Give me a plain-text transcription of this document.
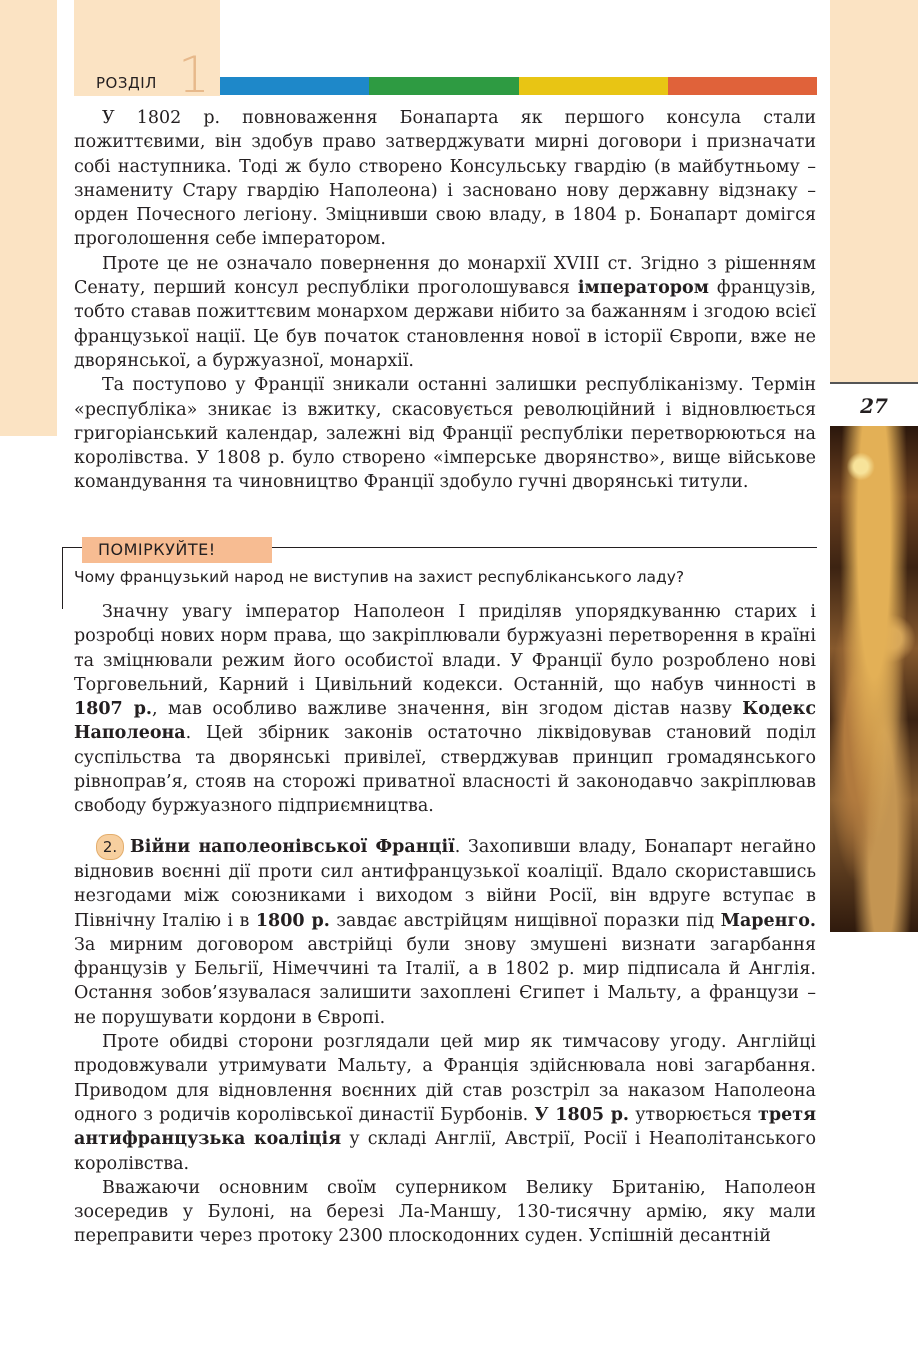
РОЗДІЛ 1
27

У 1802 р. повноваження Бонапарта як першого консула стали пожиттєвими, він здобув право затверджувати мирні договори і призначати собі наступника. Тоді ж було створено Консульську гвардію (в майбутньому – знамениту Стару гвардію Наполеона) і засновано нову державну відзнаку – орден Почесного легіону. Зміцнивши свою владу, в 1804 р. Бонапарт домігся проголошення себе імператором.

Проте це не означало повернення до монархії XVIII ст. Згідно з рішенням Сенату, перший консул республіки проголошувався імператором французів, тобто ставав пожиттєвим монархом держави нібито за бажанням і згодою всієї французької нації. Це був початок становлення нової в історії Європи, вже не дворянської, а буржуазної, монархії.

Та поступово у Франції зникали останні залишки республіканізму. Термін «республіка» зникає із вжитку, скасовується революційний і відновлюється григоріанський календар, залежні від Франції республіки перетворюються на королівства. У 1808 р. було створено «імперське дворянство», вище військове командування та чиновництво Франції здобуло гучні дворянські титули.

ПОМІРКУЙТЕ!
Чому французький народ не виступив на захист республіканського ладу?

Значну увагу імператор Наполеон I приділяв упорядкуванню старих і розробці нових норм права, що закріплювали буржуазні перетворення в країні та зміцнювали режим його особистої влади. У Франції було розроблено нові Торговельний, Карний і Цивільний кодекси. Останній, що набув чинності в 1807 р., мав особливо важливе значення, він згодом дістав назву Кодекс Наполеона. Цей збірник законів остаточно ліквідовував становий поділ суспільства та дворянські привілеї, стверджував принцип громадянського рівноправ’я, стояв на сторожі приватної власності й законодавчо закріплював свободу буржуазного підприємництва.

2. Війни наполеонівської Франції. Захопивши владу, Бонапарт негайно відновив воєнні дії проти сил антифранцузької коаліції. Вдало скориставшись незгодами між союзниками і виходом з війни Росії, він вдруге вступає в Північну Італію і в 1800 р. завдає австрійцям нищівної поразки під Маренго. За мирним договором австрійці були знову змушені визнати загарбання французів у Бельгії, Німеччині та Італії, а в 1802 р. мир підписала й Англія. Остання зобов’язувалася залишити захоплені Єгипет і Мальту, а французи – не порушувати кордони в Європі.

Проте обидві сторони розглядали цей мир як тимчасову угоду. Англійці продовжували утримувати Мальту, а Франція здійснювала нові загарбання. Приводом для відновлення воєнних дій став розстріл за наказом Наполеона одного з родичів королівської династії Бурбонів. У 1805 р. утворюється третя антифранцузька коаліція у складі Англії, Австрії, Росії і Неаполітанського королівства.

Вважаючи основним своїм суперником Велику Британію, Наполеон зосередив у Булоні, на березі Ла-Маншу, 130-тисячну армію, яку мали переправити через протоку 2300 плоскодонних суден. Успішній десантній
